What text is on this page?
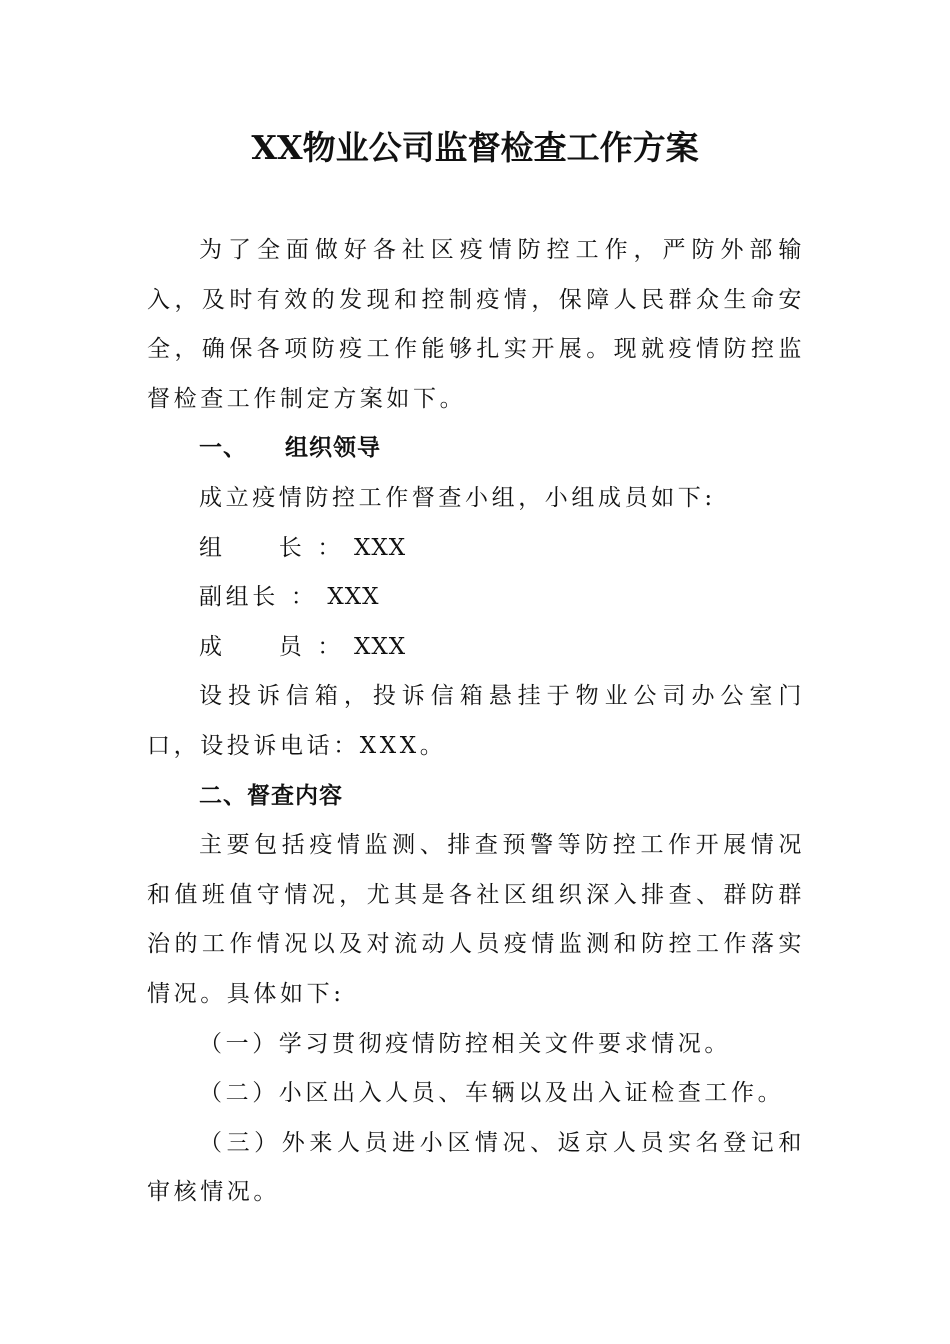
XX物业公司监督检查工作方案

为了全面做好各社区疫情防控工作，严防外部输入，及时有效的发现和控制疫情，保障人民群众生命安全，确保各项防疫工作能够扎实开展。现就疫情防控监督检查工作制定方案如下。

一、 组织领导

成立疫情防控工作督查小组，小组成员如下:

组　　长 ： XXX

副组长 ： XXX

成　　员 ： XXX

设投诉信箱，投诉信箱悬挂于物业公司办公室门口，设投诉电话：XXX。

二、督查内容

主要包括疫情监测、排查预警等防控工作开展情况和值班值守情况，尤其是各社区组织深入排查、群防群治的工作情况以及对流动人员疫情监测和防控工作落实情况。具体如下:

（一）学习贯彻疫情防控相关文件要求情况。

（二）小区出入人员、车辆以及出入证检查工作。

（三）外来人员进小区情况、返京人员实名登记和审核情况。
